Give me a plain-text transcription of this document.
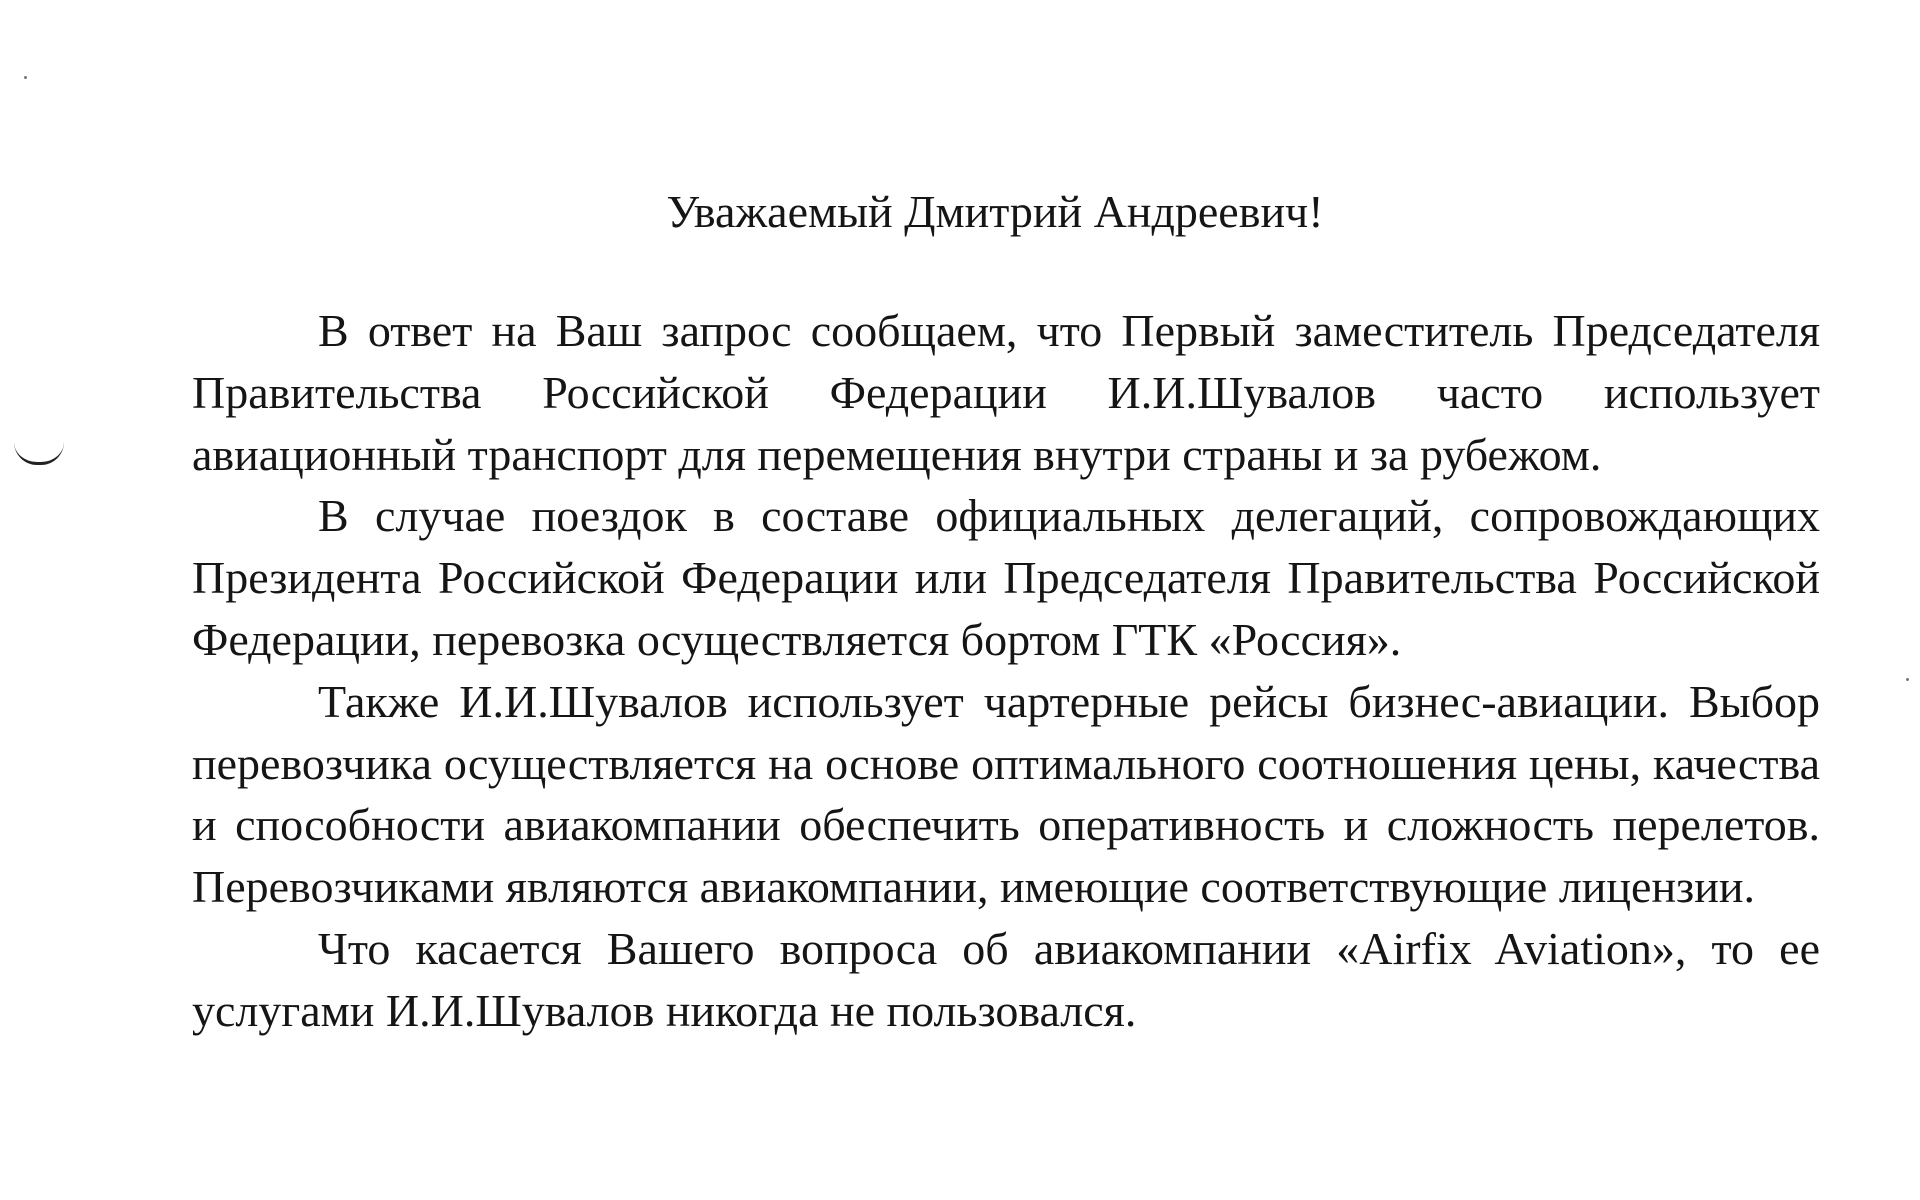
Уважаемый Дмитрий Андреевич!

В ответ на Ваш запрос сообщаем, что Первый заместитель Председателя Правительства Российской Федерации И.И.Шувалов часто использует авиационный транспорт для перемещения внутри страны и за рубежом.

В случае поездок в составе официальных делегаций, сопровождающих Президента Российской Федерации или Председателя Правительства Российской Федерации, перевозка осуществляется бортом ГТК «Россия».

Также И.И.Шувалов использует чартерные рейсы бизнес-авиации. Выбор перевозчика осуществляется на основе оптимального соотношения цены, качества и способности авиакомпании обеспечить оперативность и сложность перелетов. Перевозчиками являются авиакомпании, имеющие соответствующие лицензии.

Что касается Вашего вопроса об авиакомпании «Airfix Aviation», то ее услугами И.И.Шувалов никогда не пользовался.
